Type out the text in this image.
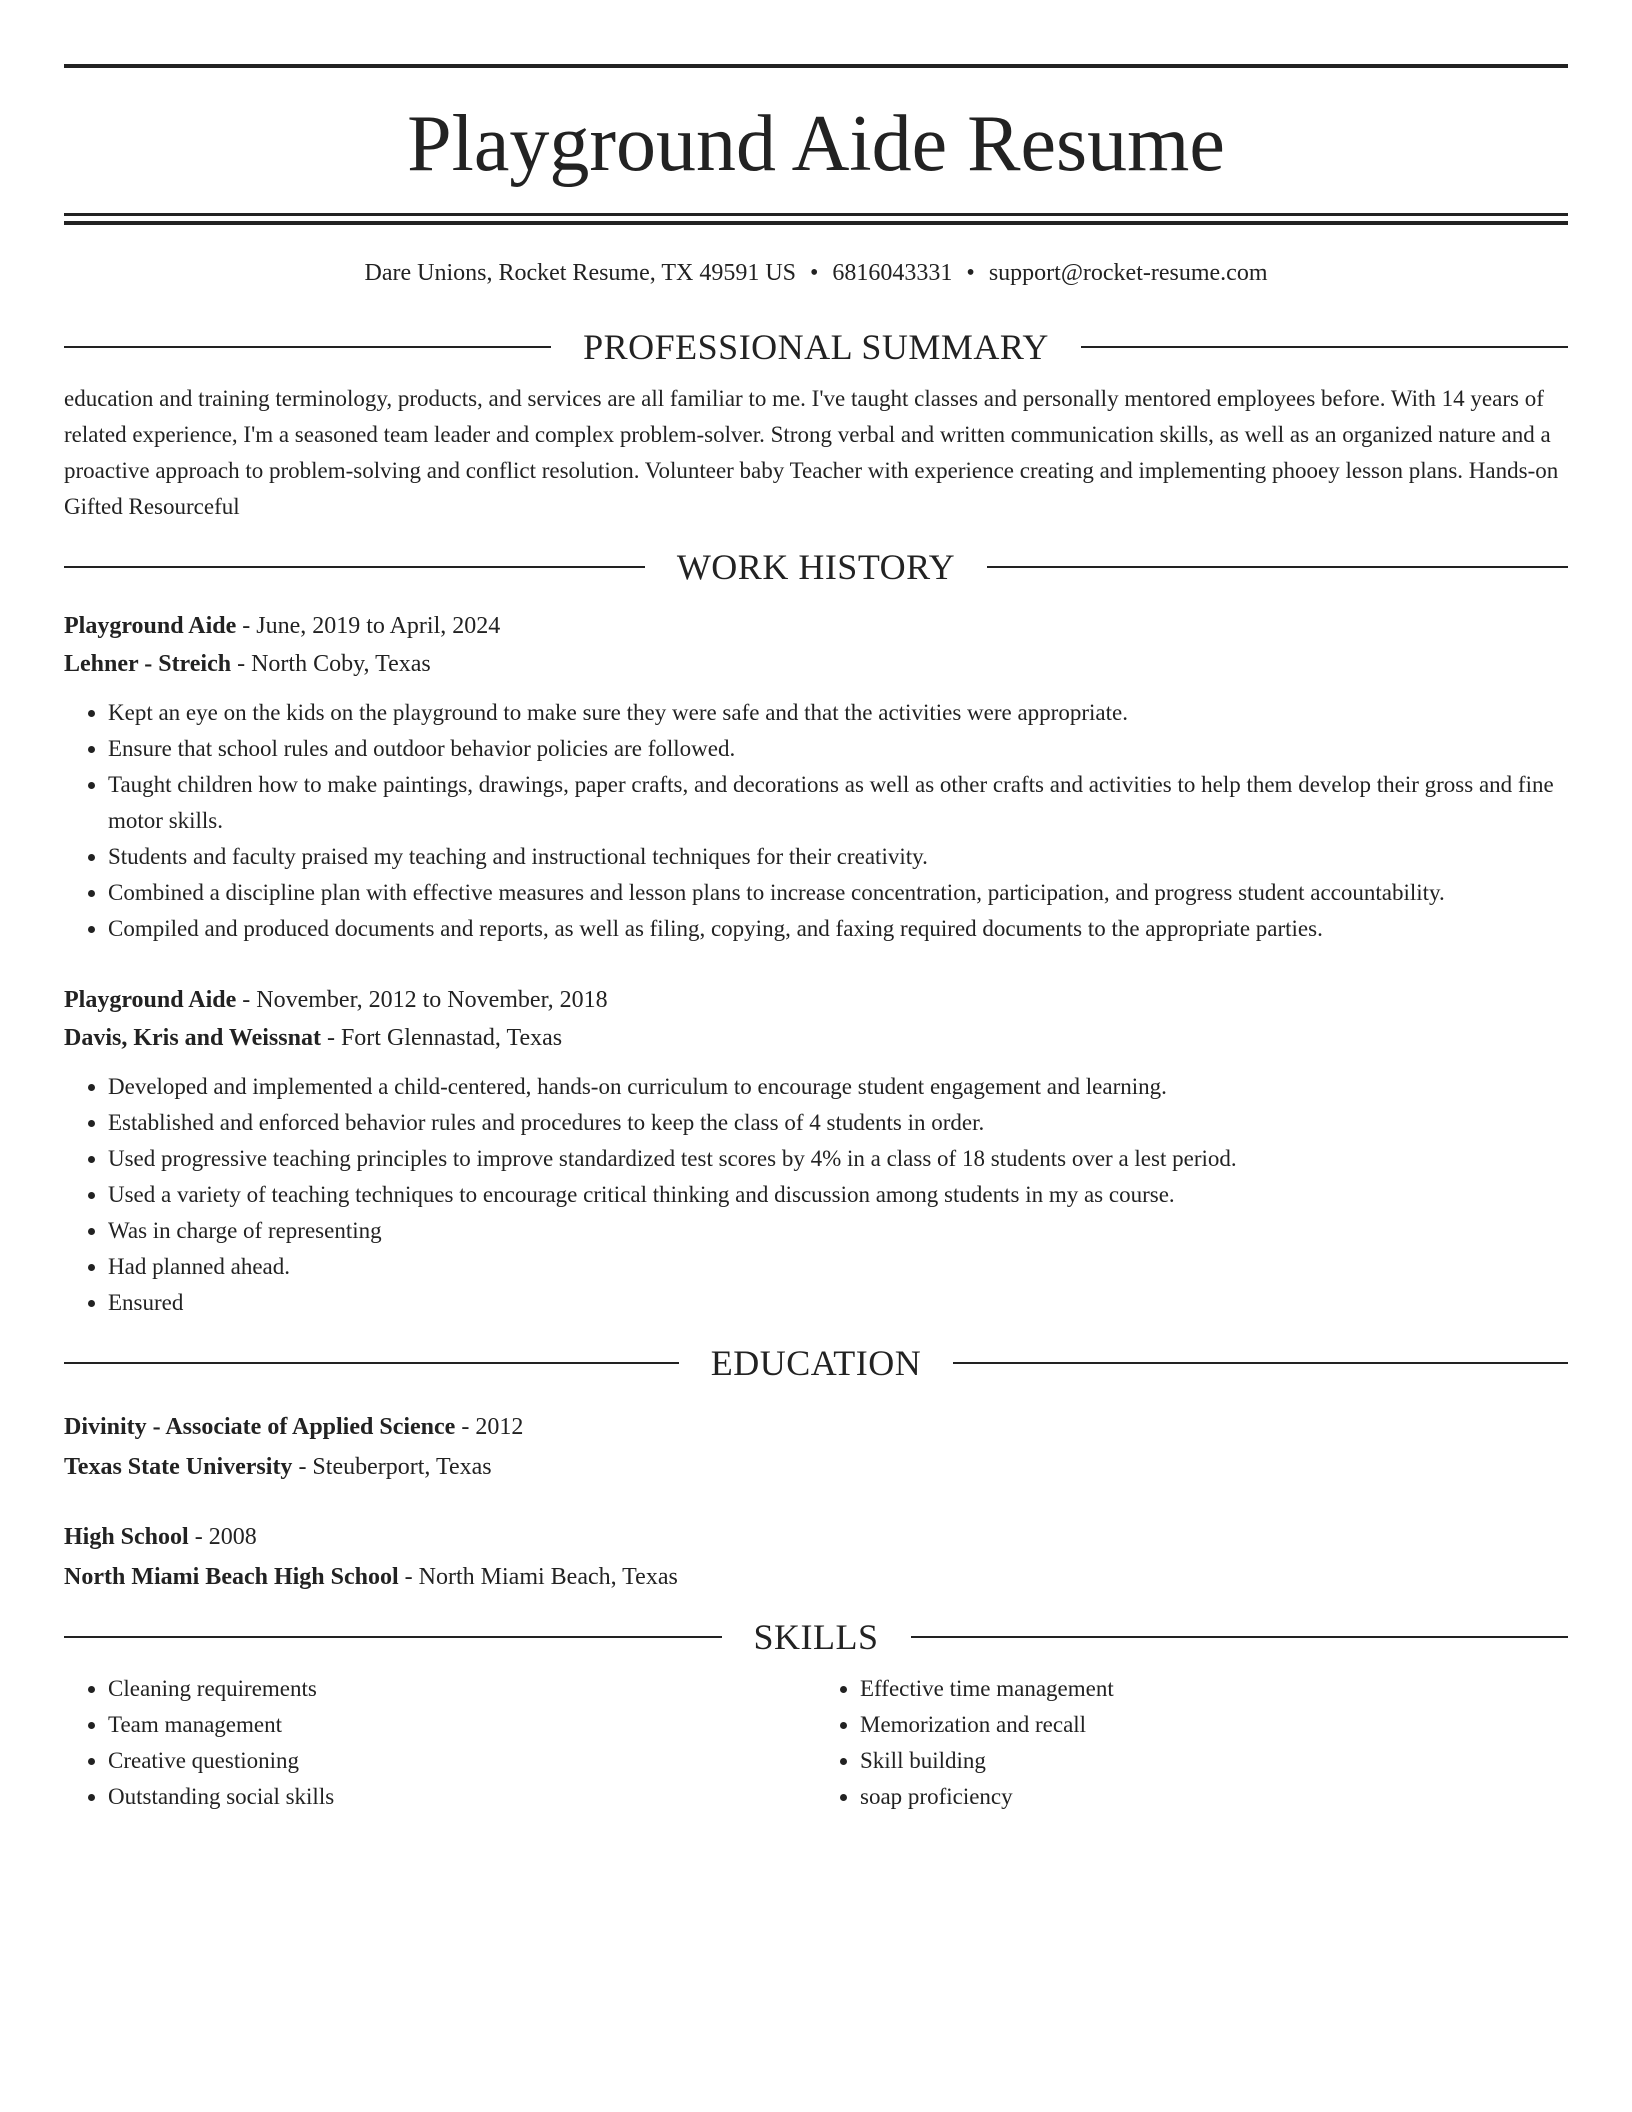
Playground Aide Resume
Dare Unions, Rocket Resume, TX 49591 US • 6816043331 • support@rocket-resume.com
PROFESSIONAL SUMMARY
education and training terminology, products, and services are all familiar to me. I've taught classes and personally mentored employees before. With 14 years of related experience, I'm a seasoned team leader and complex problem-solver. Strong verbal and written communication skills, as well as an organized nature and a proactive approach to problem-solving and conflict resolution. Volunteer baby Teacher with experience creating and implementing phooey lesson plans. Hands-on Gifted Resourceful
WORK HISTORY
Playground Aide - June, 2019 to April, 2024
Lehner - Streich - North Coby, Texas
• Kept an eye on the kids on the playground to make sure they were safe and that the activities were appropriate.
• Ensure that school rules and outdoor behavior policies are followed.
• Taught children how to make paintings, drawings, paper crafts, and decorations as well as other crafts and activities to help them develop their gross and fine motor skills.
• Students and faculty praised my teaching and instructional techniques for their creativity.
• Combined a discipline plan with effective measures and lesson plans to increase concentration, participation, and progress student accountability.
• Compiled and produced documents and reports, as well as filing, copying, and faxing required documents to the appropriate parties.
Playground Aide - November, 2012 to November, 2018
Davis, Kris and Weissnat - Fort Glennastad, Texas
• Developed and implemented a child-centered, hands-on curriculum to encourage student engagement and learning.
• Established and enforced behavior rules and procedures to keep the class of 4 students in order.
• Used progressive teaching principles to improve standardized test scores by 4% in a class of 18 students over a lest period.
• Used a variety of teaching techniques to encourage critical thinking and discussion among students in my as course.
• Was in charge of representing
• Had planned ahead.
• Ensured
EDUCATION
Divinity - Associate of Applied Science - 2012
Texas State University - Steuberport, Texas
High School - 2008
North Miami Beach High School - North Miami Beach, Texas
SKILLS
• Cleaning requirements
• Team management
• Creative questioning
• Outstanding social skills
• Effective time management
• Memorization and recall
• Skill building
• soap proficiency
